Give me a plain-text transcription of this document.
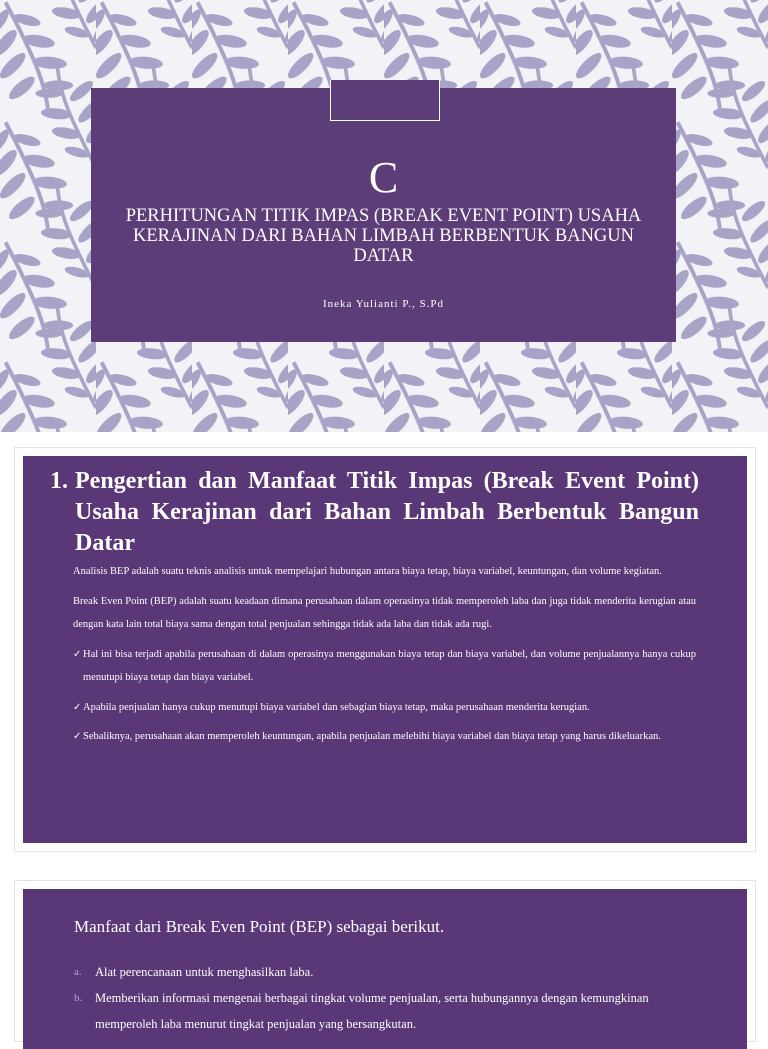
C
PERHITUNGAN TITIK IMPAS (BREAK EVENT POINT) USAHA KERAJINAN DARI BAHAN LIMBAH BERBENTUK BANGUN DATAR
Ineka Yulianti P., S.Pd
1. Pengertian dan Manfaat Titik Impas (Break Event Point) Usaha Kerajinan dari Bahan Limbah Berbentuk Bangun Datar

Analisis BEP adalah suatu teknis analisis untuk mempelajari hubungan antara biaya tetap, biaya variabel, keuntungan, dan volume kegiatan.

Break Even Point (BEP) adalah suatu keadaan dimana perusahaan dalam operasinya tidak memperoleh laba dan juga tidak menderita kerugian atau dengan kata lain total biaya sama dengan total penjualan sehingga tidak ada laba dan tidak ada rugi.

✓ Hal ini bisa terjadi apabila perusahaan di dalam operasinya menggunakan biaya tetap dan biaya variabel, dan volume penjualannya hanya cukup menutupi biaya tetap dan biaya variabel.
✓ Apabila penjualan hanya cukup menutupi biaya variabel dan sebagian biaya tetap, maka perusahaan menderita kerugian.
✓ Sebaliknya, perusahaan akan memperoleh keuntungan, apabila penjualan melebihi biaya variabel dan biaya tetap yang harus dikeluarkan.
Manfaat dari Break Even Point (BEP) sebagai berikut.
a. Alat perencanaan untuk menghasilkan laba.
b. Memberikan informasi mengenai berbagai tingkat volume penjualan, serta hubungannya dengan kemungkinan memperoleh laba menurut tingkat penjualan yang bersangkutan.
